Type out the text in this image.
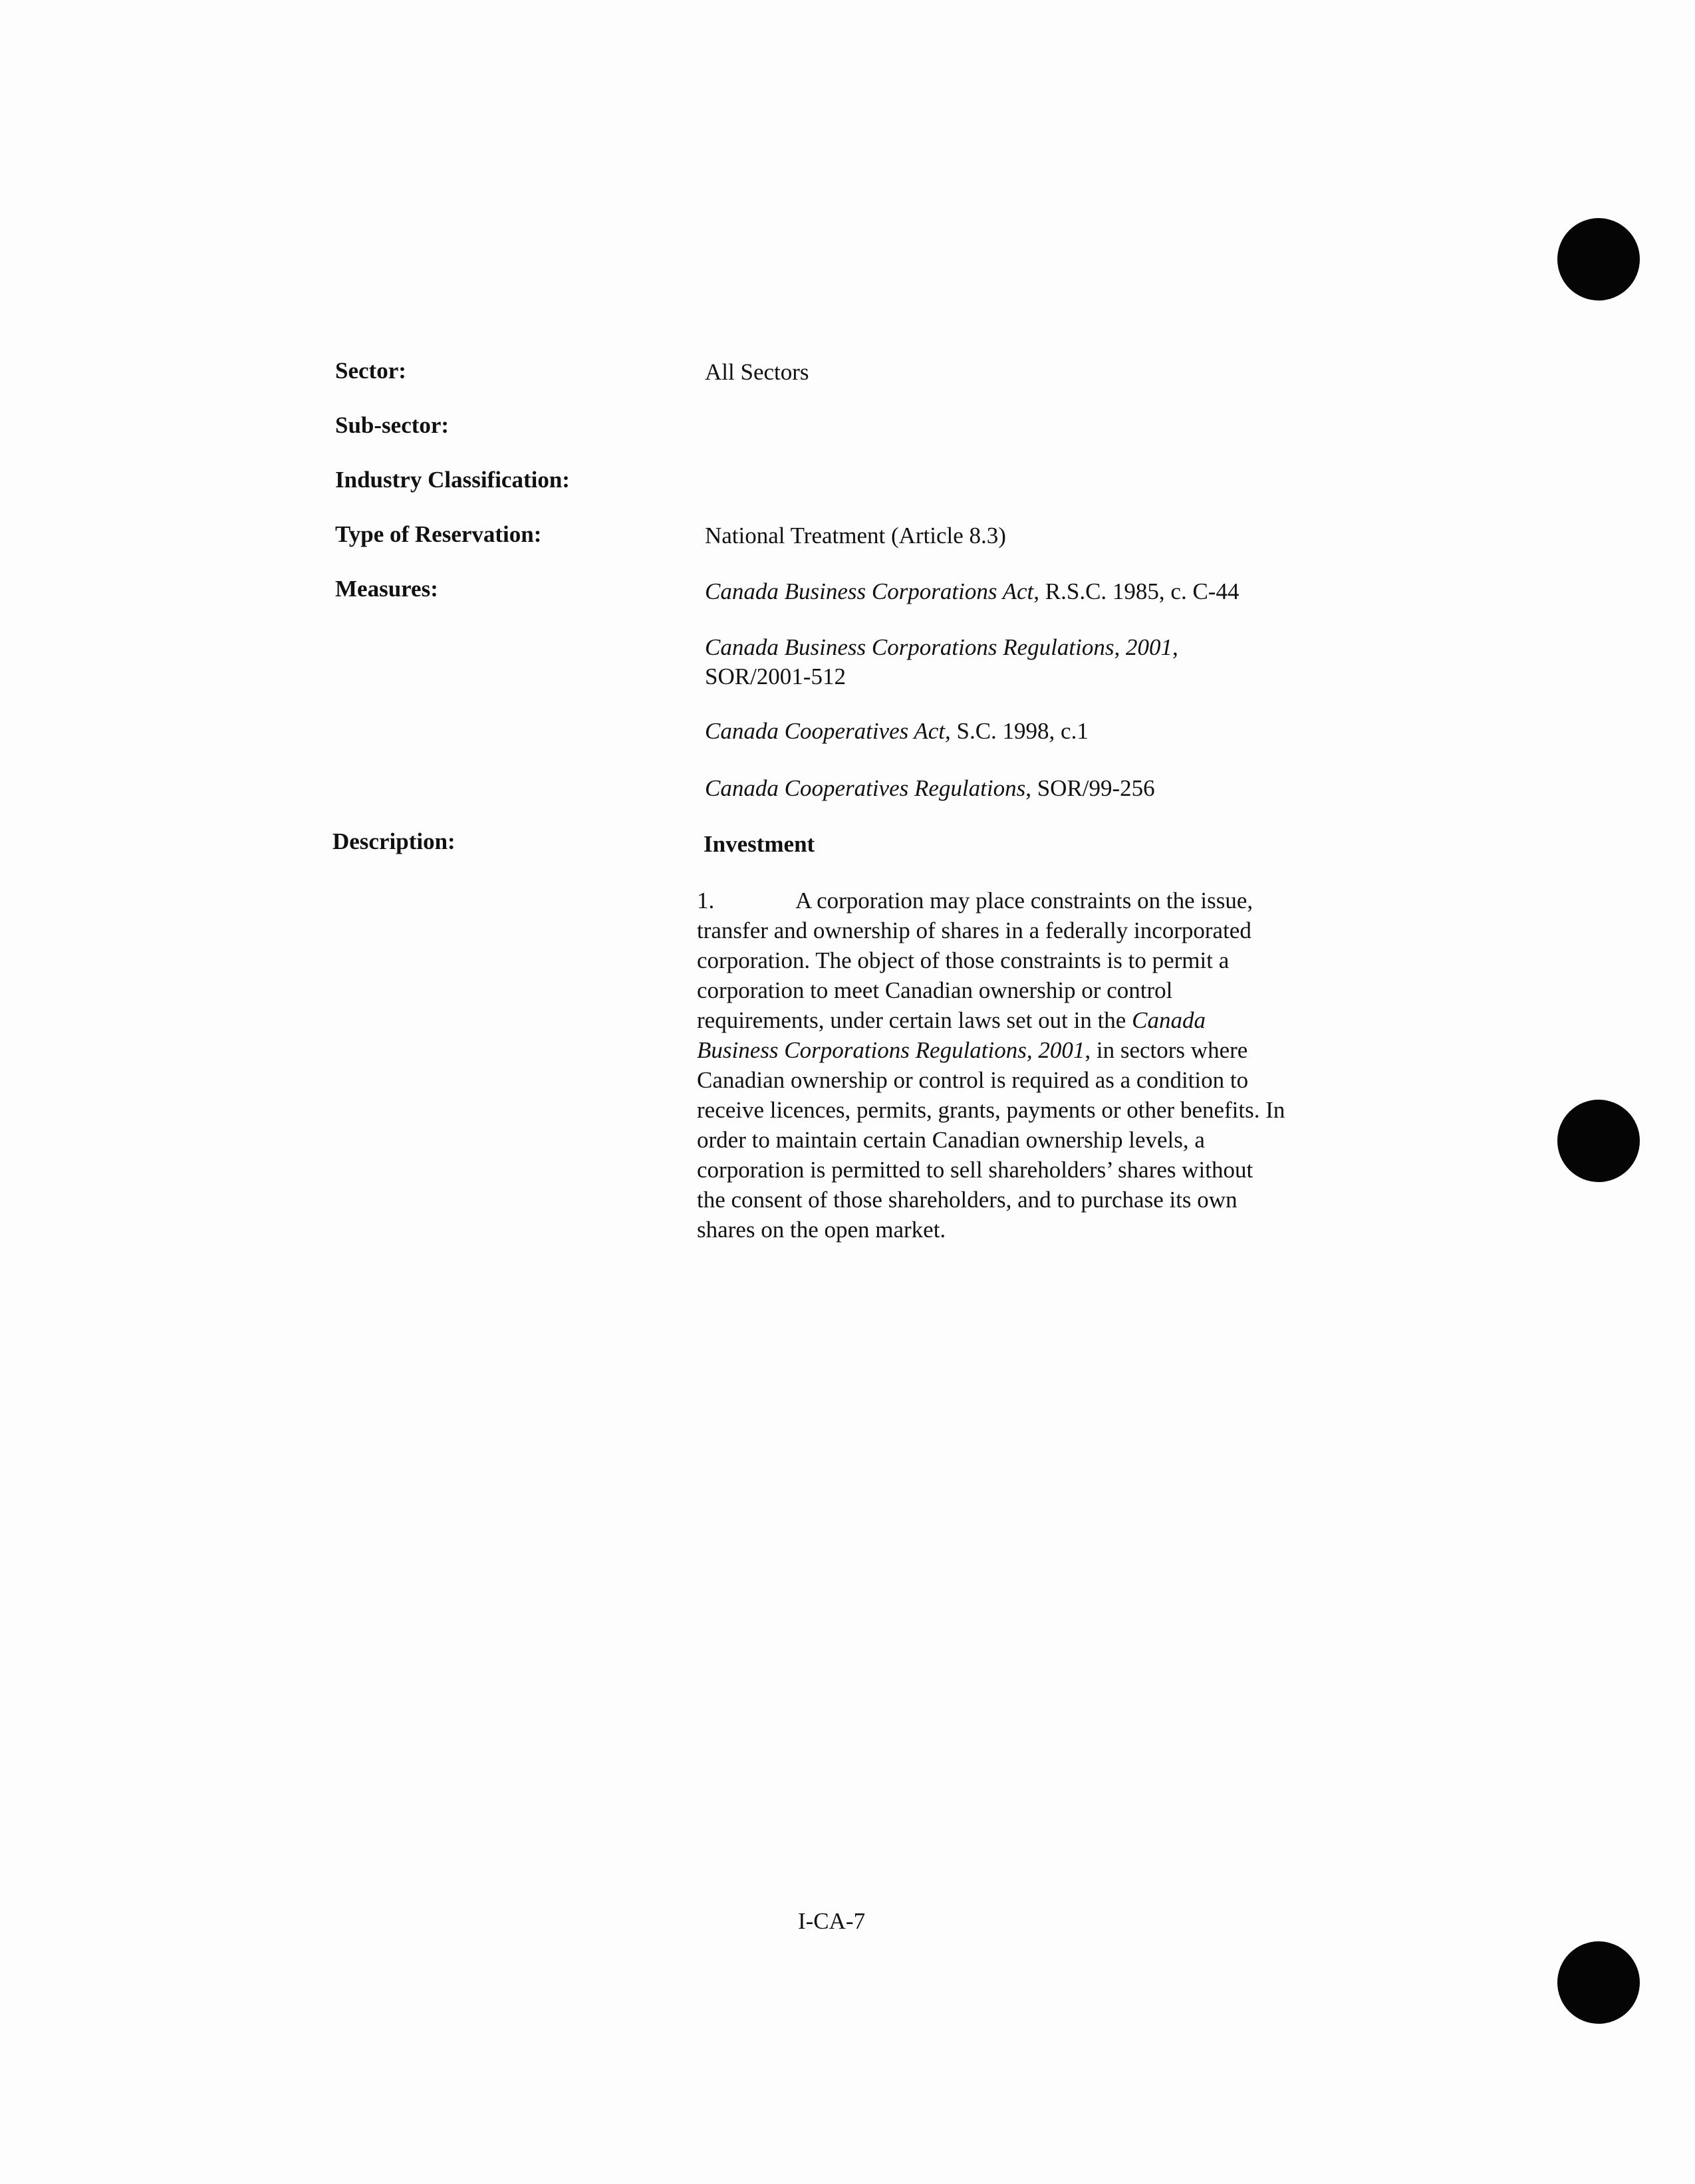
Sector:	All Sectors
Sub-sector:
Industry Classification:
Type of Reservation:	National Treatment (Article 8.3)
Measures:	Canada Business Corporations Act, R.S.C. 1985, c. C-44
Canada Business Corporations Regulations, 2001,
SOR/2001-512
Canada Cooperatives Act, S.C. 1998, c.1
Canada Cooperatives Regulations, SOR/99-256
Description:	Investment
1.	A corporation may place constraints on the issue,
transfer and ownership of shares in a federally incorporated
corporation. The object of those constraints is to permit a
corporation to meet Canadian ownership or control
requirements, under certain laws set out in the Canada
Business Corporations Regulations, 2001, in sectors where
Canadian ownership or control is required as a condition to
receive licences, permits, grants, payments or other benefits. In
order to maintain certain Canadian ownership levels, a
corporation is permitted to sell shareholders’ shares without
the consent of those shareholders, and to purchase its own
shares on the open market.
I-CA-7
